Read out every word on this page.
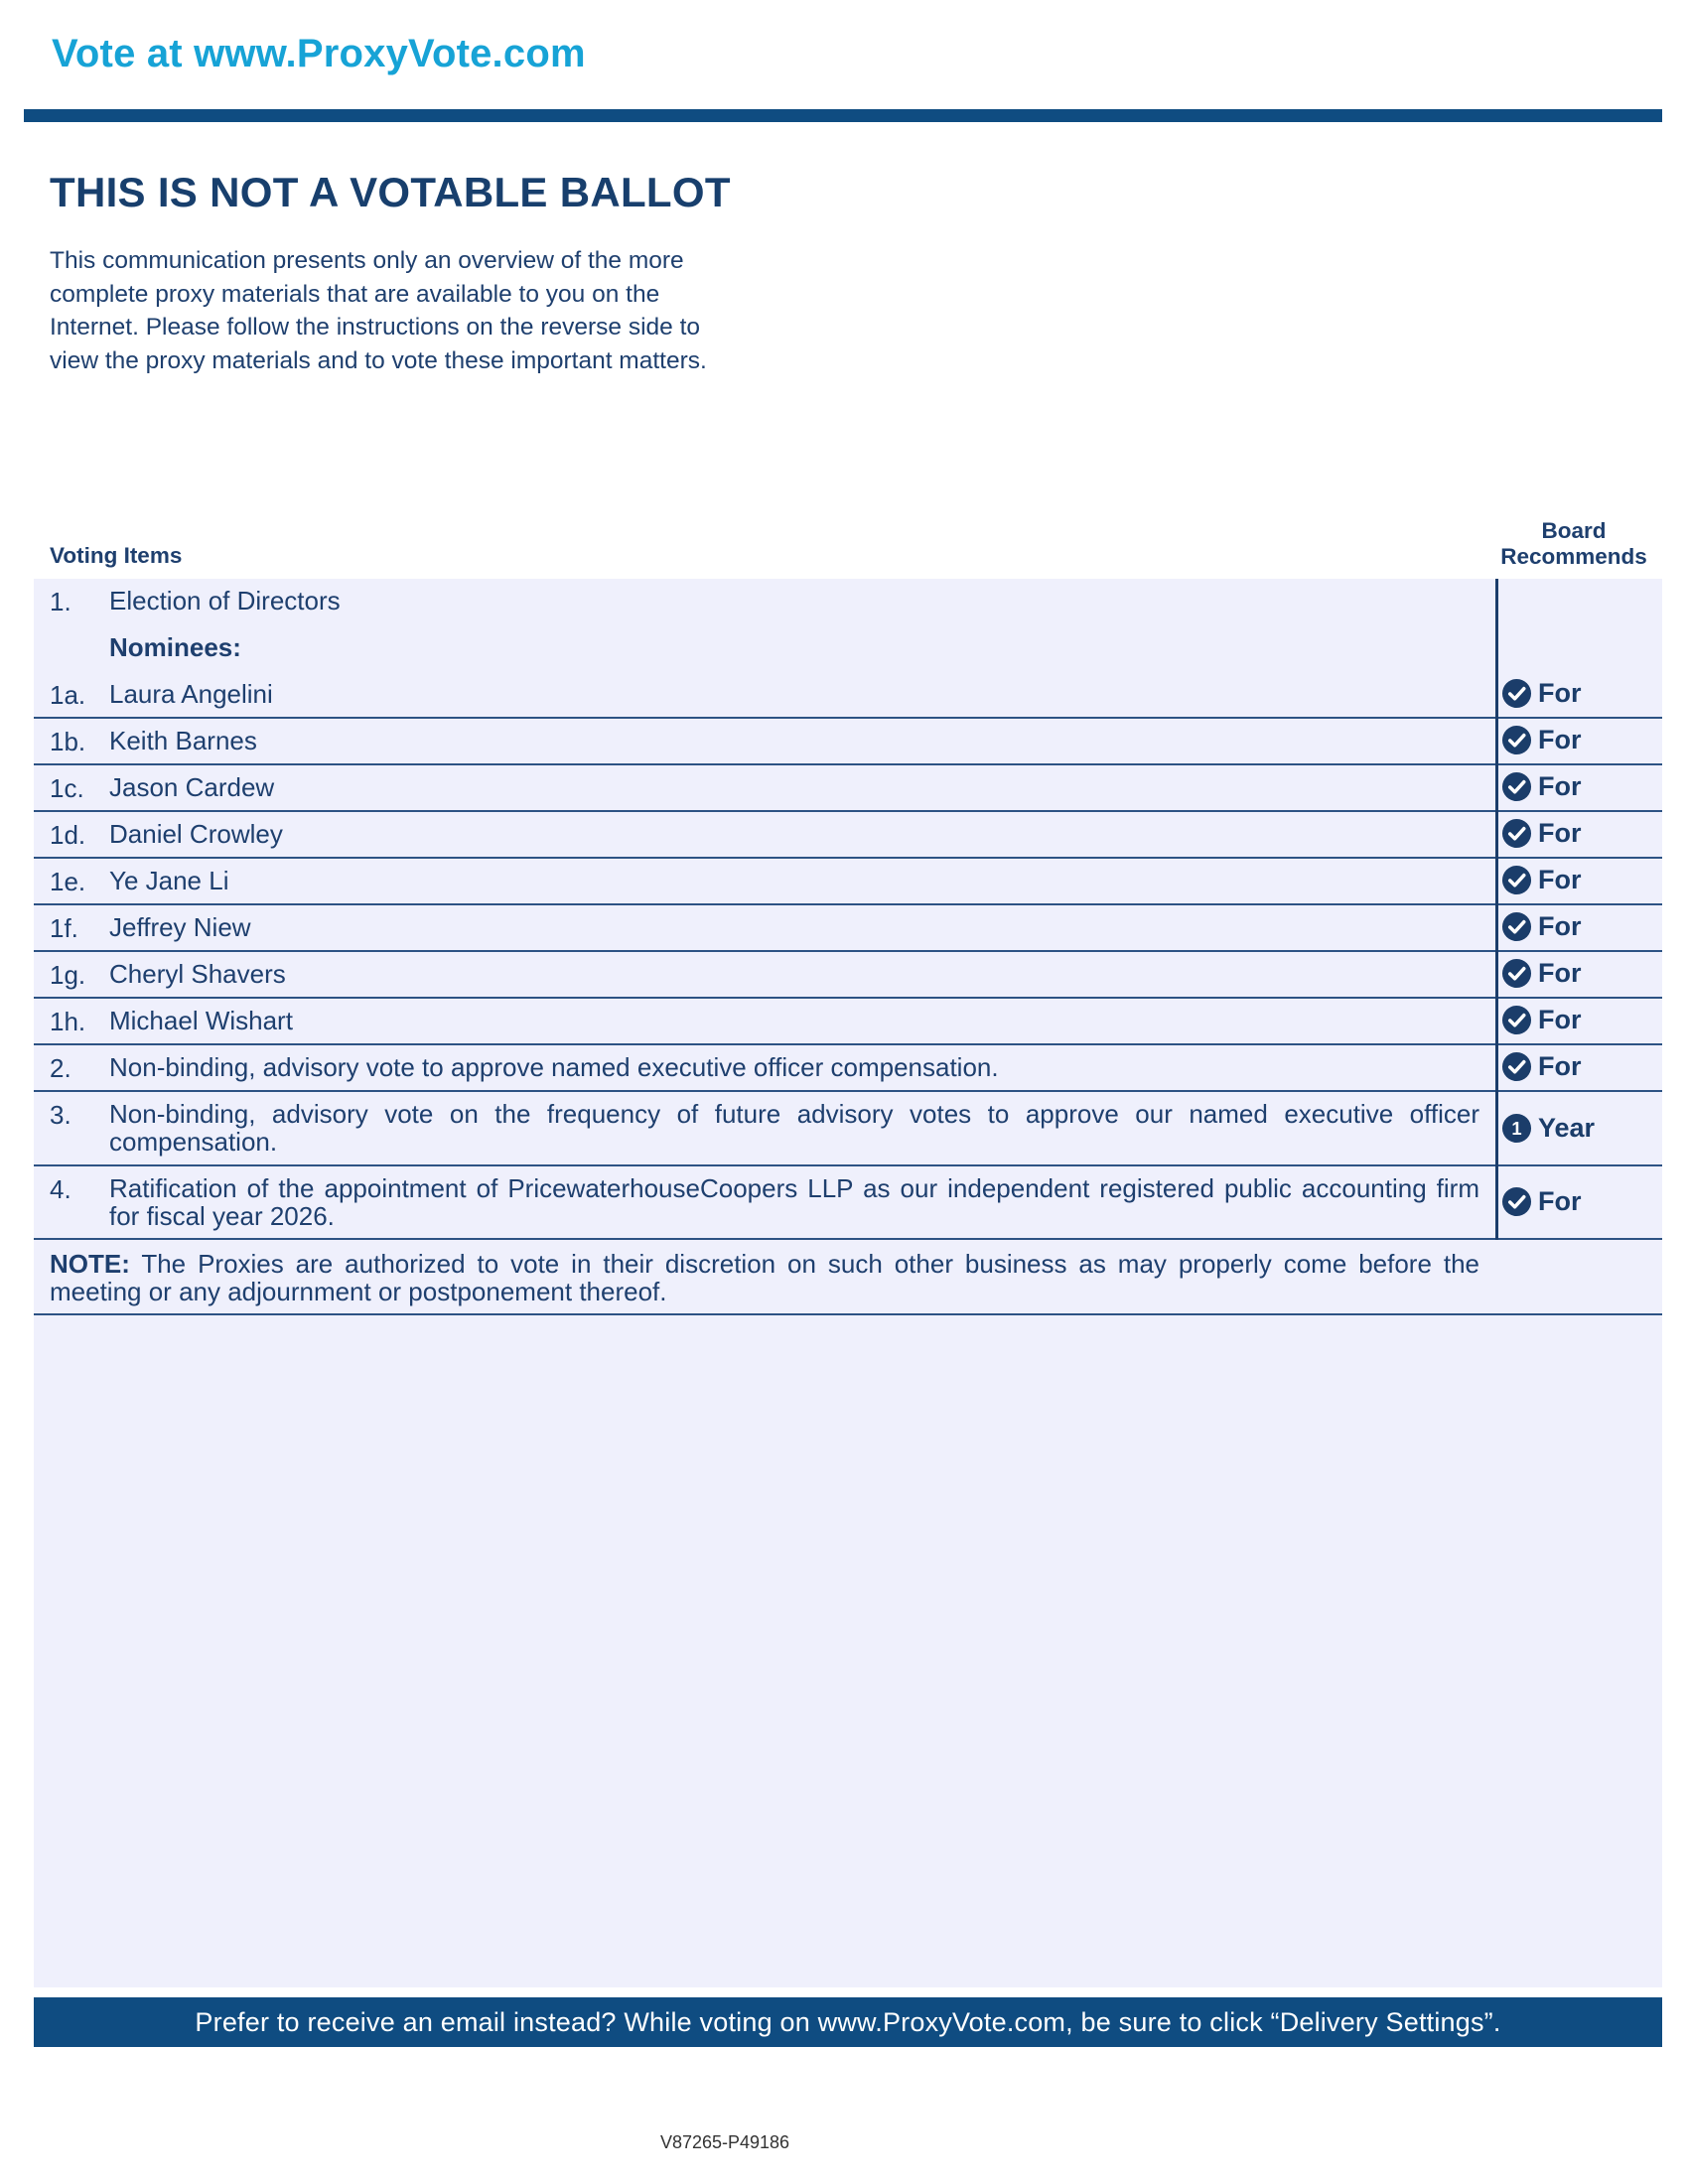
Vote at www.ProxyVote.com
THIS IS NOT A VOTABLE BALLOT
This communication presents only an overview of the more
complete proxy materials that are available to you on the
Internet. Please follow the instructions on the reverse side to
view the proxy materials and to vote these important matters.
Voting Items
Board
Recommends
1. Election of Directors
Nominees:
1a. Laura Angelini	For
1b. Keith Barnes	For
1c. Jason Cardew	For
1d. Daniel Crowley	For
1e. Ye Jane Li	For
1f. Jeffrey Niew	For
1g. Cheryl Shavers	For
1h. Michael Wishart	For
2. Non-binding, advisory vote to approve named executive officer compensation.	For
3. Non-binding, advisory vote on the frequency of future advisory votes to approve our named executive officer compensation.	1 Year
4. Ratification of the appointment of PricewaterhouseCoopers LLP as our independent registered public accounting firm for fiscal year 2026.	For
NOTE: The Proxies are authorized to vote in their discretion on such other business as may properly come before the meeting or any adjournment or postponement thereof.
Prefer to receive an email instead? While voting on www.ProxyVote.com, be sure to click “Delivery Settings”.
V87265-P49186
